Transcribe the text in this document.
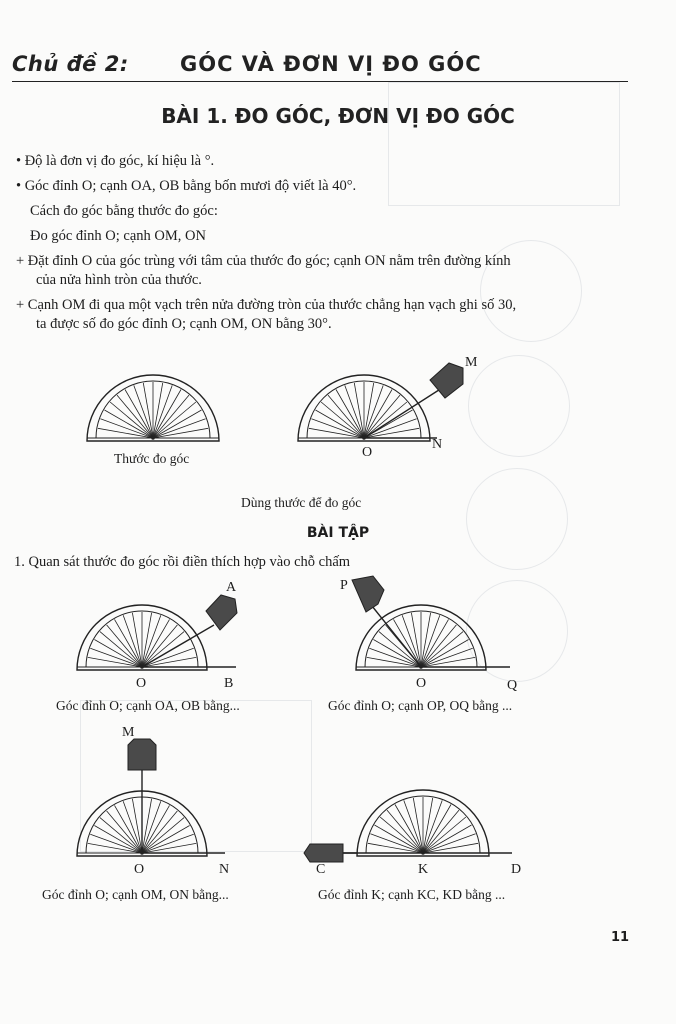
Chủ đề 2: GÓC VÀ ĐƠN VỊ ĐO GÓC
BÀI 1. ĐO GÓC, ĐƠN VỊ ĐO GÓC
• Độ là đơn vị đo góc, kí hiệu là °.
• Góc đỉnh O; cạnh OA, OB bằng bốn mươi độ viết là 40°.
Cách đo góc bằng thước đo góc:
Đo góc đỉnh O; cạnh OM, ON
+ Đặt đỉnh O của góc trùng với tâm của thước đo góc; cạnh ON nằm trên đường kính
của nửa hình tròn của thước.
+ Cạnh OM đi qua một vạch trên nửa đường tròn của thước chẳng hạn vạch ghi số 30,
ta được số đo góc đỉnh O; cạnh OM, ON bằng 30°.
Thước đo góc	O
N
M
Dùng thước để đo góc
BÀI TẬP
1. Quan sát thước đo góc rồi điền thích hợp vào chỗ chấm
A
O	B
Góc đỉnh O; cạnh OA, OB bằng...
P
O	Q
Góc đỉnh O; cạnh OP, OQ bằng ...
M
O	N
Góc đỉnh O; cạnh OM, ON bằng...
C	K	D
Góc đỉnh K; cạnh KC, KD bằng ...
11
